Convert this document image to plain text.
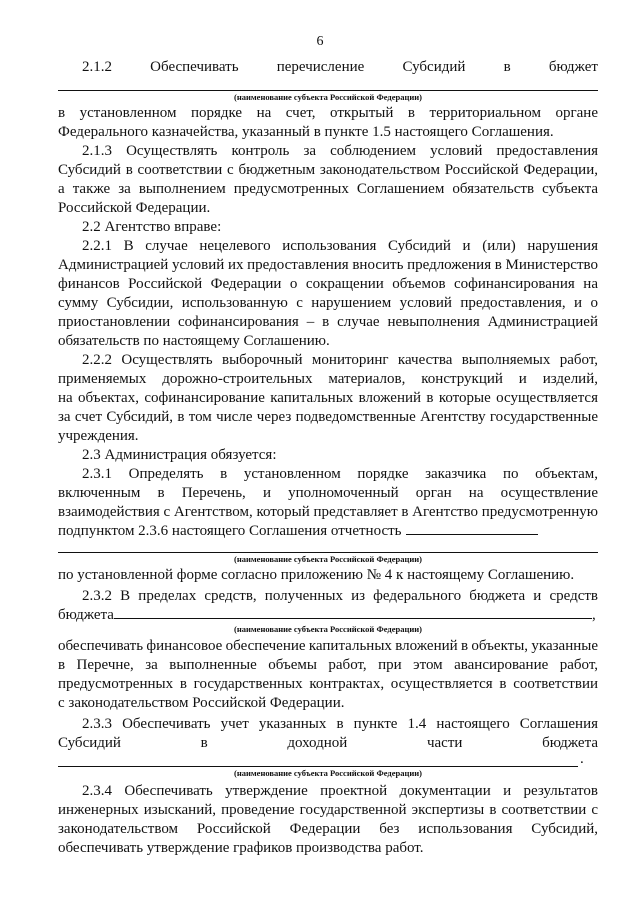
6
2.1.2	Обеспечивать	перечисление	Субсидий	в	бюджет
(наименование субъекта Российской Федерации)
в установленном порядке на счет, открытый в территориальном органе
Федерального казначейства, указанный в пункте 1.5 настоящего Соглашения.
2.1.3 Осуществлять контроль за соблюдением условий предоставления
Субсидий в соответствии с бюджетным законодательством Российской Федерации,
а также за выполнением предусмотренных Соглашением обязательств субъекта
Российской Федерации.
2.2 Агентство вправе:
2.2.1 В случае нецелевого использования Субсидий и (или) нарушения
Администрацией условий их предоставления вносить предложения в Министерство
финансов Российской Федерации о сокращении объемов софинансирования на
сумму Субсидии, использованную с нарушением условий предоставления, и о
приостановлении софинансирования – в случае невыполнения Администрацией
обязательств по настоящему Соглашению.
2.2.2 Осуществлять выборочный мониторинг качества выполняемых работ,
применяемых дорожно-строительных материалов, конструкций и изделий,
на объектах, софинансирование капитальных вложений в которые осуществляется
за счет Субсидий, в том числе через подведомственные Агентству государственные
учреждения.
2.3 Администрация обязуется:
2.3.1 Определять в установленном порядке заказчика по объектам,
включенным в Перечень, и уполномоченный орган на осуществление
взаимодействия с Агентством, который представляет в Агентство предусмотренную
подпунктом 2.3.6 настоящего Соглашения отчетность
(наименование субъекта Российской Федерации)
по установленной форме согласно приложению № 4 к настоящему Соглашению.
2.3.2 В пределах средств, полученных из федерального бюджета и средств
бюджета	,
(наименование субъекта Российской Федерации)
обеспечивать финансовое обеспечение капитальных вложений в объекты, указанные
в Перечне, за выполненные объемы работ, при этом авансирование работ,
предусмотренных в государственных контрактах, осуществляется в соответствии
с законодательством Российской Федерации.
2.3.3 Обеспечивать учет указанных в пункте 1.4 настоящего Соглашения
Субсидий	в	доходной	части	бюджета
.
(наименование субъекта Российской Федерации)
2.3.4 Обеспечивать утверждение проектной документации и результатов
инженерных изысканий, проведение государственной экспертизы в соответствии с
законодательством Российской Федерации без использования Субсидий,
обеспечивать утверждение графиков производства работ.
